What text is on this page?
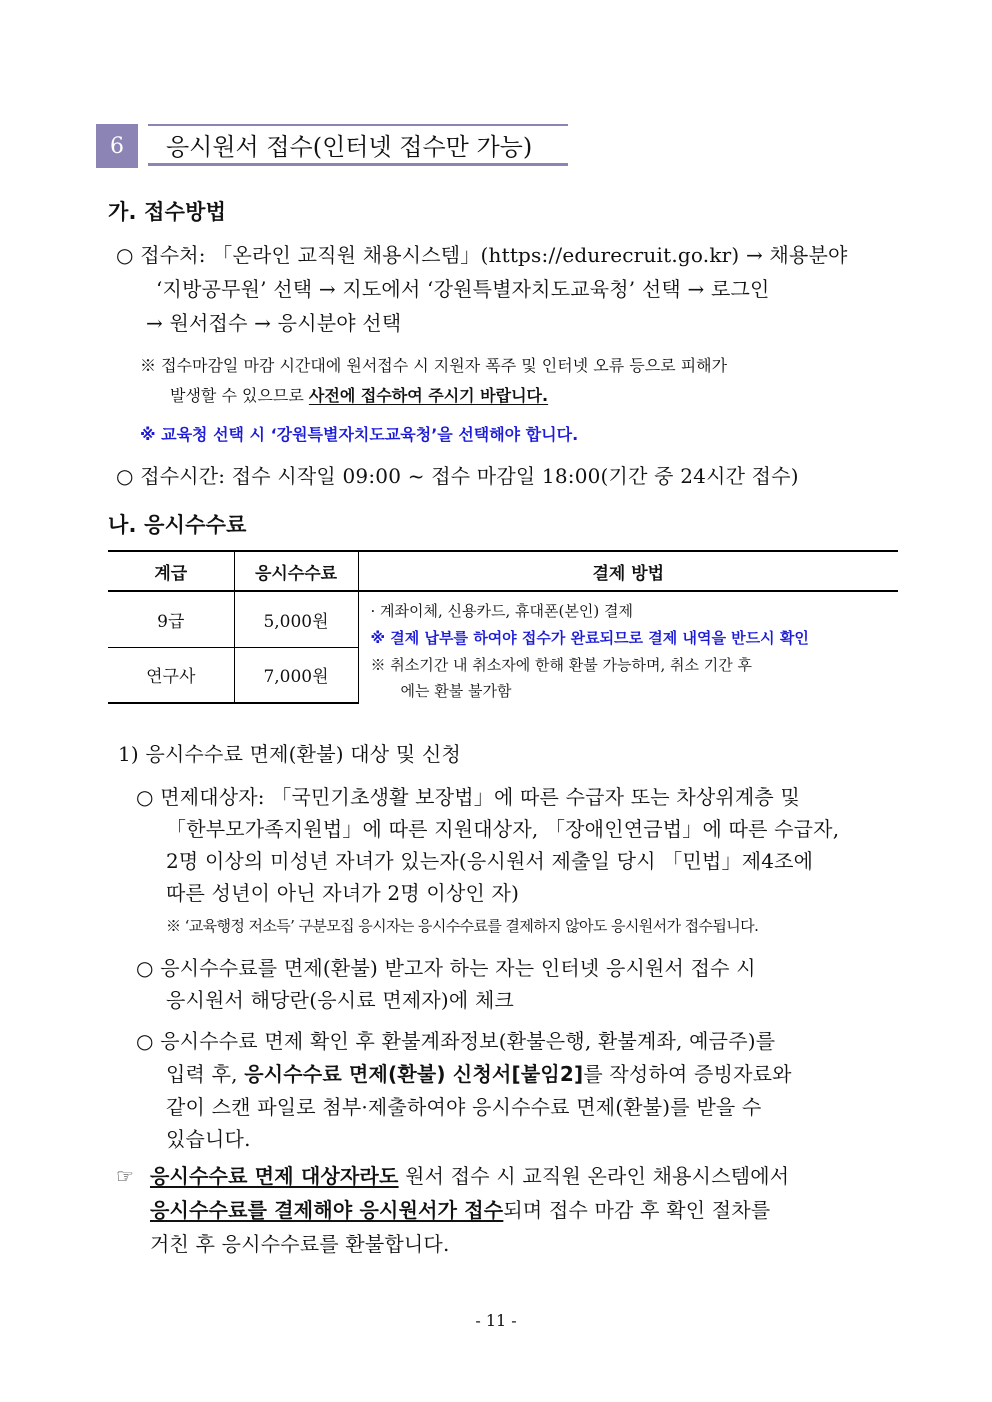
6	응시원서 접수(인터넷 접수만 가능)
가. 접수방법
○ 접수처: 「온라인 교직원 채용시스템」(https://edurecruit.go.kr) → 채용분야
‘지방공무원’ 선택 → 지도에서 ‘강원특별자치도교육청’ 선택 → 로그인
→ 원서접수 → 응시분야 선택
※ 접수마감일 마감 시간대에 원서접수 시 지원자 폭주 및 인터넷 오류 등으로 피해가
발생할 수 있으므로 사전에 접수하여 주시기 바랍니다.
※ 교육청 선택 시 ‘강원특별자치도교육청’을 선택해야 합니다.
○ 접수시간: 접수 시작일 09:00 ~ 접수 마감일 18:00(기간 중 24시간 접수)
나. 응시수수료
계급	응시수수료	결제 방법
9급	5,000원	· 계좌이체, 신용카드, 휴대폰(본인) 결제
※ 결제 납부를 하여야 접수가 완료되므로 결제 내역을 반드시 확인
※ 취소기간 내 취소자에 한해 환불 가능하며, 취소 기간 후
에는 환불 불가함

연구사	7,000원	
1) 응시수수료 면제(환불) 대상 및 신청
○ 면제대상자: 「국민기초생활 보장법」에 따른 수급자 또는 차상위계층 및
「한부모가족지원법」에 따른 지원대상자, 「장애인연금법」에 따른 수급자,
2명 이상의 미성년 자녀가 있는자(응시원서 제출일 당시 「민법」제4조에
따른 성년이 아닌 자녀가 2명 이상인 자)
※ ‘교육행정 저소득’ 구분모집 응시자는 응시수수료를 결제하지 않아도 응시원서가 접수됩니다.
○ 응시수수료를 면제(환불) 받고자 하는 자는 인터넷 응시원서 접수 시
응시원서 해당란(응시료 면제자)에 체크
○ 응시수수료 면제 확인 후 환불계좌정보(환불은행, 환불계좌, 예금주)를
입력 후, 응시수수료 면제(환불) 신청서[붙임2]를 작성하여 증빙자료와
같이 스캔 파일로 첨부·제출하여야 응시수수료 면제(환불)를 받을 수
있습니다.
☞ 응시수수료 면제 대상자라도 원서 접수 시 교직원 온라인 채용시스템에서
응시수수료를 결제해야 응시원서가 접수되며 접수 마감 후 확인 절차를
거친 후 응시수수료를 환불합니다.
- 11 -
